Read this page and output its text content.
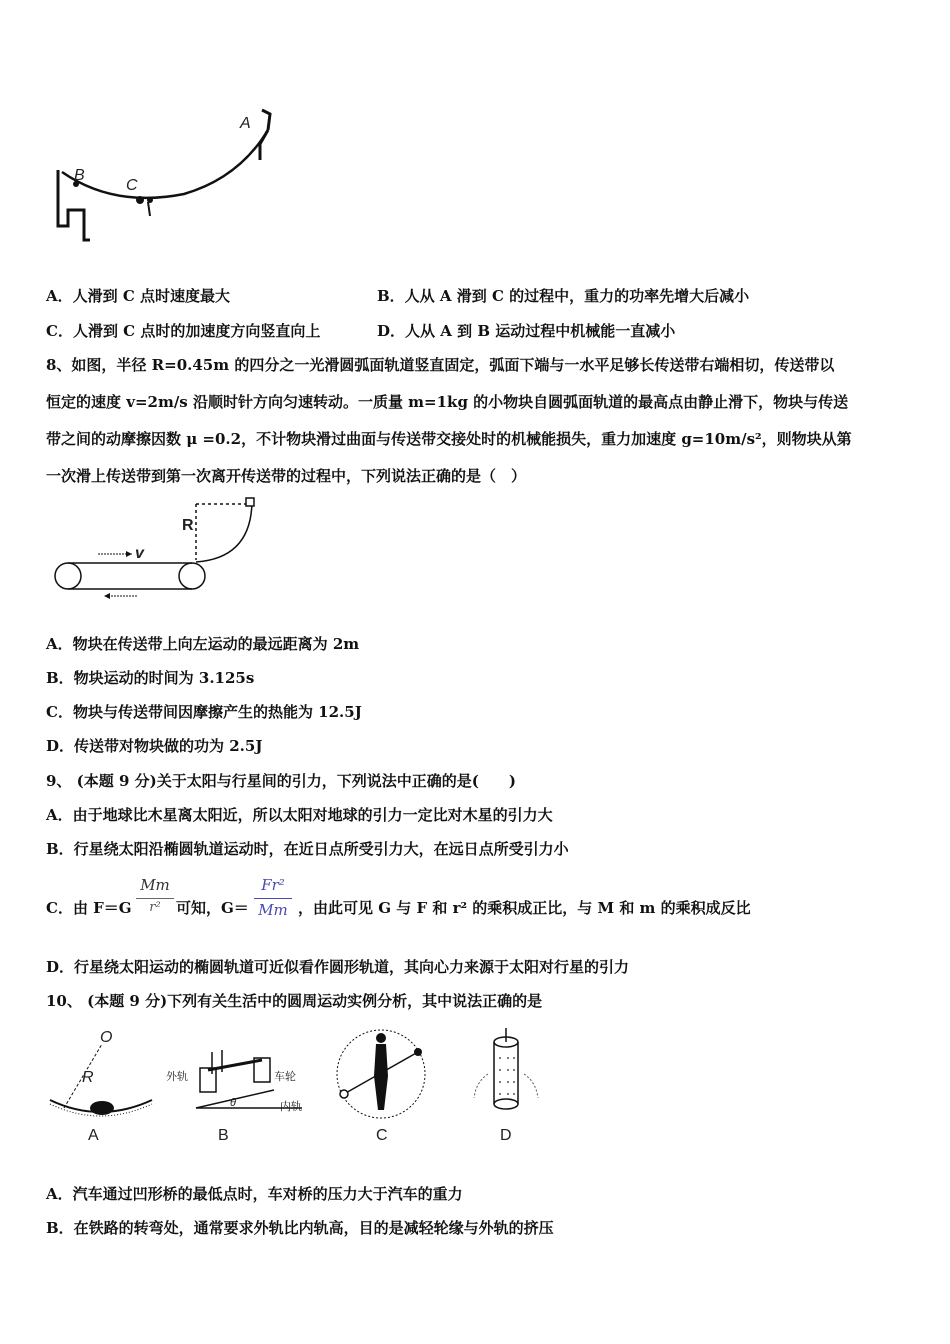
B
C
A
A．人滑到 C 点时速度最大	B．人从 A 滑到 C 的过程中，重力的功率先增大后减小
C．人滑到 C 点时的加速度方向竖直向上	D．人从 A 到 B 运动过程中机械能一直减小
8、如图，半径 R=0.45m 的四分之一光滑圆弧面轨道竖直固定，弧面下端与一水平足够长传送带右端相切，传送带以
恒定的速度 v=2m/s 沿顺时针方向匀速转动。一质量 m=1kg 的小物块自圆弧面轨道的最高点由静止滑下，物块与传送
带之间的动摩擦因数 μ =0.2，不计物块滑过曲面与传送带交接处时的机械能损失，重力加速度 g=10m/s²，则物块从第
一次滑上传送带到第一次离开传送带的过程中，下列说法正确的是（　）
R
v
A．物块在传送带上向左运动的最远距离为 2m
B．物块运动的时间为 3.125s
C．物块与传送带间因摩擦产生的热能为 12.5J
D．传送带对物块做的功为 2.5J
9、 (本题 9 分)关于太阳与行星间的引力，下列说法中正确的是(　　)
A．由于地球比木星离太阳近，所以太阳对地球的引力一定比对木星的引力大
B．行星绕太阳沿椭圆轨道运动时，在近日点所受引力大，在远日点所受引力小
C．由 F＝G
Mm
r²	可知，G＝
Fr²
Mm ，由此可见 G 与 F 和 r² 的乘积成正比，与 M 和 m 的乘积成反比
D．行星绕太阳运动的椭圆轨道可近似看作圆形轨道，其向心力来源于太阳对行星的引力
10、 (本题 9 分)下列有关生活中的圆周运动实例分析，其中说法正确的是
O
R
A
外轨	车轮
内轨
θ
B	C	D
A．汽车通过凹形桥的最低点时，车对桥的压力大于汽车的重力
B．在铁路的转弯处，通常要求外轨比内轨高，目的是减轻轮缘与外轨的挤压
